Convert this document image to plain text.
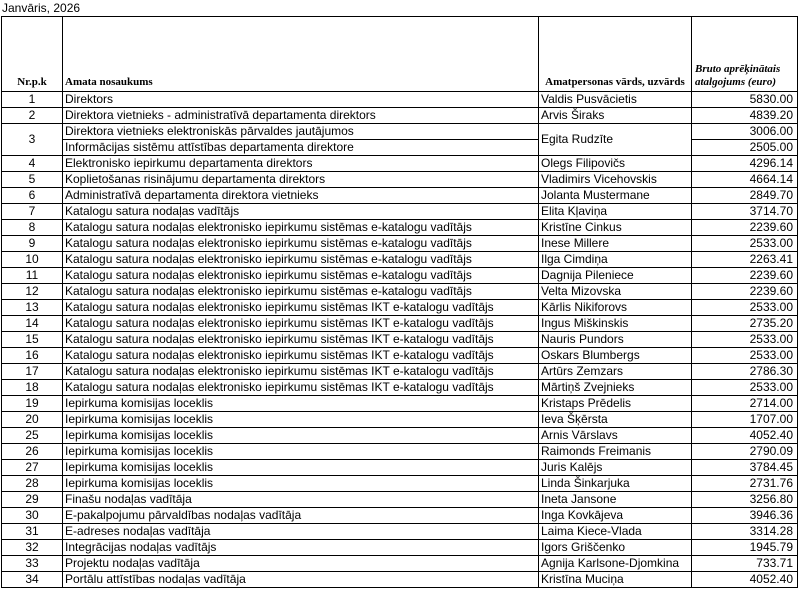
Janvāris, 2026
Nr.p.k	Amata nosaukums	Amatpersonas vārds, uzvārds	Bruto aprēķinātais atalgojums (euro)
1	Direktors	Valdis Pusvācietis	5830.00
2	Direktora vietnieks - administratīvā departamenta direktors	Arvis Širaks	4839.20
3	Direktora vietnieks elektroniskās pārvaldes jautājumos	Egita Rudzīte	3006.00
	Informācijas sistēmu attīstības departamenta direktore		2505.00
4	Elektronisko iepirkumu departamenta direktors	Olegs Filipovičs	4296.14
5	Koplietošanas risinājumu departamenta direktors	Vladimirs Vicehovskis	4664.14
6	Administratīvā departamenta direktora vietnieks	Jolanta Mustermane	2849.70
7	Katalogu satura nodaļas vadītājs	Elita Kļaviņa	3714.70
8	Katalogu satura nodaļas elektronisko iepirkumu sistēmas e-katalogu vadītājs	Kristīne Cinkus	2239.60
9	Katalogu satura nodaļas elektronisko iepirkumu sistēmas e-katalogu vadītājs	Inese Millere	2533.00
10	Katalogu satura nodaļas elektronisko iepirkumu sistēmas e-katalogu vadītājs	Ilga Cimdiņa	2263.41
11	Katalogu satura nodaļas elektronisko iepirkumu sistēmas e-katalogu vadītājs	Dagnija Pileniece	2239.60
12	Katalogu satura nodaļas elektronisko iepirkumu sistēmas e-katalogu vadītājs	Velta Mizovska	2239.60
13	Katalogu satura nodaļas elektronisko iepirkumu sistēmas IKT e-katalogu vadītājs	Kārlis Nikiforovs	2533.00
14	Katalogu satura nodaļas elektronisko iepirkumu sistēmas IKT e-katalogu vadītājs	Ingus Miškinskis	2735.20
15	Katalogu satura nodaļas elektronisko iepirkumu sistēmas IKT e-katalogu vadītājs	Nauris Pundors	2533.00
16	Katalogu satura nodaļas elektronisko iepirkumu sistēmas IKT e-katalogu vadītājs	Oskars Blumbergs	2533.00
17	Katalogu satura nodaļas elektronisko iepirkumu sistēmas IKT e-katalogu vadītājs	Artūrs Zemzars	2786.30
18	Katalogu satura nodaļas elektronisko iepirkumu sistēmas IKT e-katalogu vadītājs	Mārtiņš Zvejnieks	2533.00
19	Iepirkuma komisijas loceklis	Kristaps Prēdelis	2714.00
20	Iepirkuma komisijas loceklis	Ieva Šķērsta	1707.00
25	Iepirkuma komisijas loceklis	Arnis Vārslavs	4052.40
26	Iepirkuma komisijas loceklis	Raimonds Freimanis	2790.09
27	Iepirkuma komisijas loceklis	Juris Kalējs	3784.45
28	Iepirkuma komisijas loceklis	Linda Šinkarjuka	2731.76
29	Finašu nodaļas vadītāja	Ineta Jansone	3256.80
30	E-pakalpojumu pārvaldības nodaļas vadītāja	Inga Kovkājeva	3946.36
31	E-adreses nodaļas vadītāja	Laima Kiece-Vlada	3314.28
32	Integrācijas nodaļas vadītājs	Igors Griščenko	1945.79
33	Projektu nodaļas vadītāja	Agnija Karlsone-Djomkina	733.71
34	Portālu attīstības nodaļas vadītāja	Kristīna Muciņa	4052.40
